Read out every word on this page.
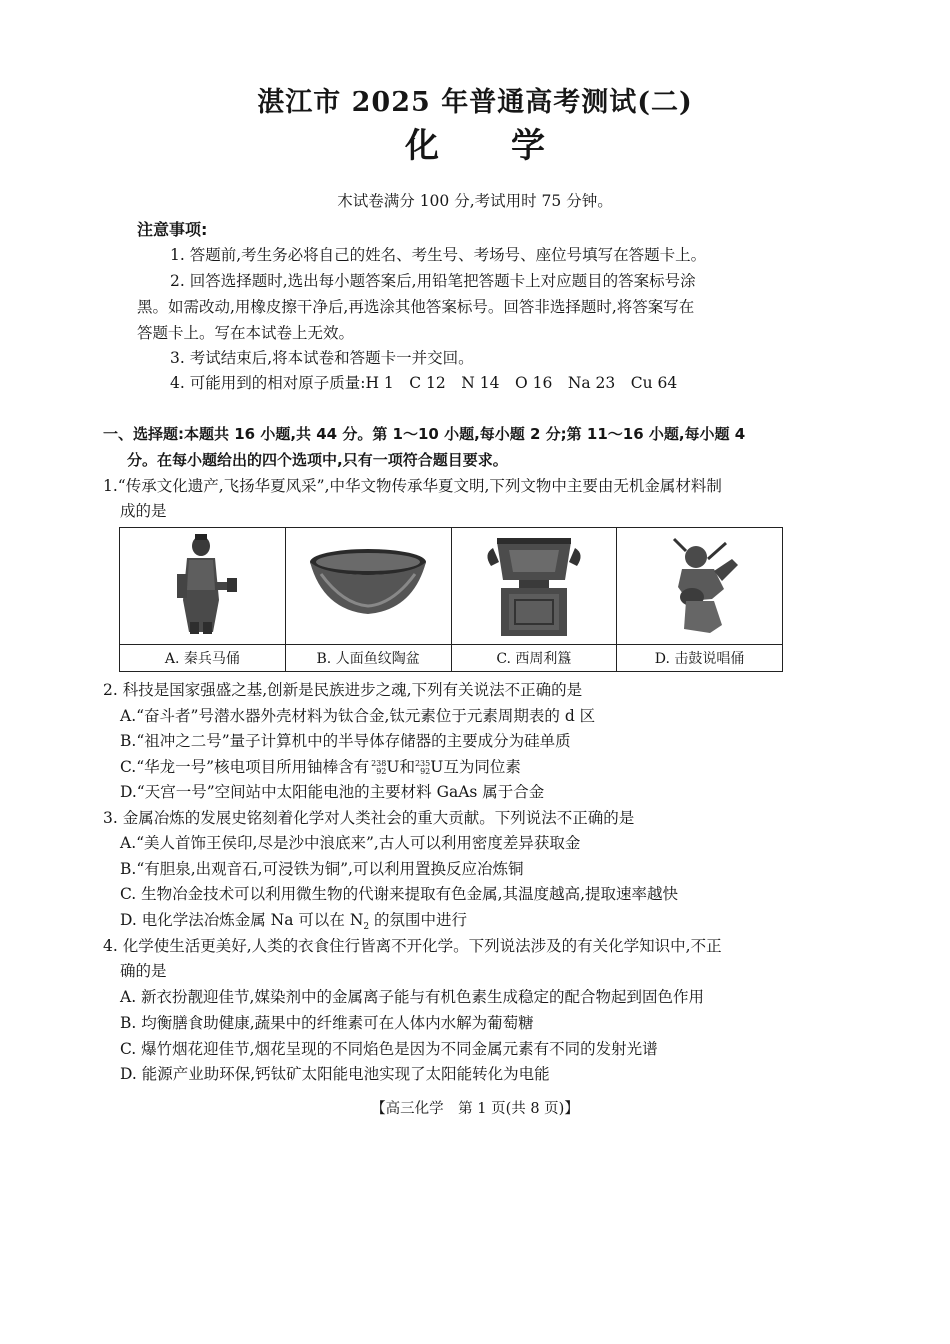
湛江市 2025 年普通高考测试(二)
化 学
木试卷满分 100 分,考试用时 75 分钟。
注意事项:
1. 答题前,考生务必将自己的姓名、考生号、考场号、座位号填写在答题卡上。
2. 回答选择题时,选出每小题答案后,用铅笔把答题卡上对应题目的答案标号涂
黑。如需改动,用橡皮擦干净后,再选涂其他答案标号。回答非选择题时,将答案写在
答题卡上。写在本试卷上无效。
3. 考试结束后,将本试卷和答题卡一并交回。
4. 可能用到的相对原子质量:H 1　C 12　N 14　O 16　Na 23　Cu 64
一、选择题:本题共 16 小题,共 44 分。第 1～10 小题,每小题 2 分;第 11～16 小题,每小题 4
分。在每小题给出的四个选项中,只有一项符合题目要求。
1.“传承文化遗产,飞扬华夏风采”,中华文物传承华夏文明,下列文物中主要由无机金属材料制
成的是

A. 秦兵马俑	B. 人面鱼纹陶盆	C. 西周利簋	D. 击鼓说唱俑
2. 科技是国家强盛之基,创新是民族进步之魂,下列有关说法不正确的是
A.“奋斗者”号潜水器外壳材料为钛合金,钛元素位于元素周期表的 d 区
B.“祖冲之二号”量子计算机中的半导体存储器的主要成分为硅单质
C.“华龙一号”核电项目所用铀棒含有 238
92 U和 235
92 U互为同位素
D.“天宫一号”空间站中太阳能电池的主要材料 GaAs 属于合金
3. 金属冶炼的发展史铭刻着化学对人类社会的重大贡献。下列说法不正确的是
A.“美人首饰王侯印,尽是沙中浪底来”,古人可以利用密度差异获取金
B.“有胆泉,出观音石,可浸铁为铜”,可以利用置换反应冶炼铜
C. 生物冶金技术可以利用微生物的代谢来提取有色金属,其温度越高,提取速率越快
D. 电化学法冶炼金属 Na 可以在 $N_2$ 的氛围中进行
4. 化学使生活更美好,人类的衣食住行皆离不开化学。下列说法涉及的有关化学知识中,不正
确的是
A. 新衣扮靓迎佳节,媒染剂中的金属离子能与有机色素生成稳定的配合物起到固色作用
B. 均衡膳食助健康,蔬果中的纤维素可在人体内水解为葡萄糖
C. 爆竹烟花迎佳节,烟花呈现的不同焰色是因为不同金属元素有不同的发射光谱
D. 能源产业助环保,钙钛矿太阳能电池实现了太阳能转化为电能
【高三化学　第 1 页(共 8 页)】
